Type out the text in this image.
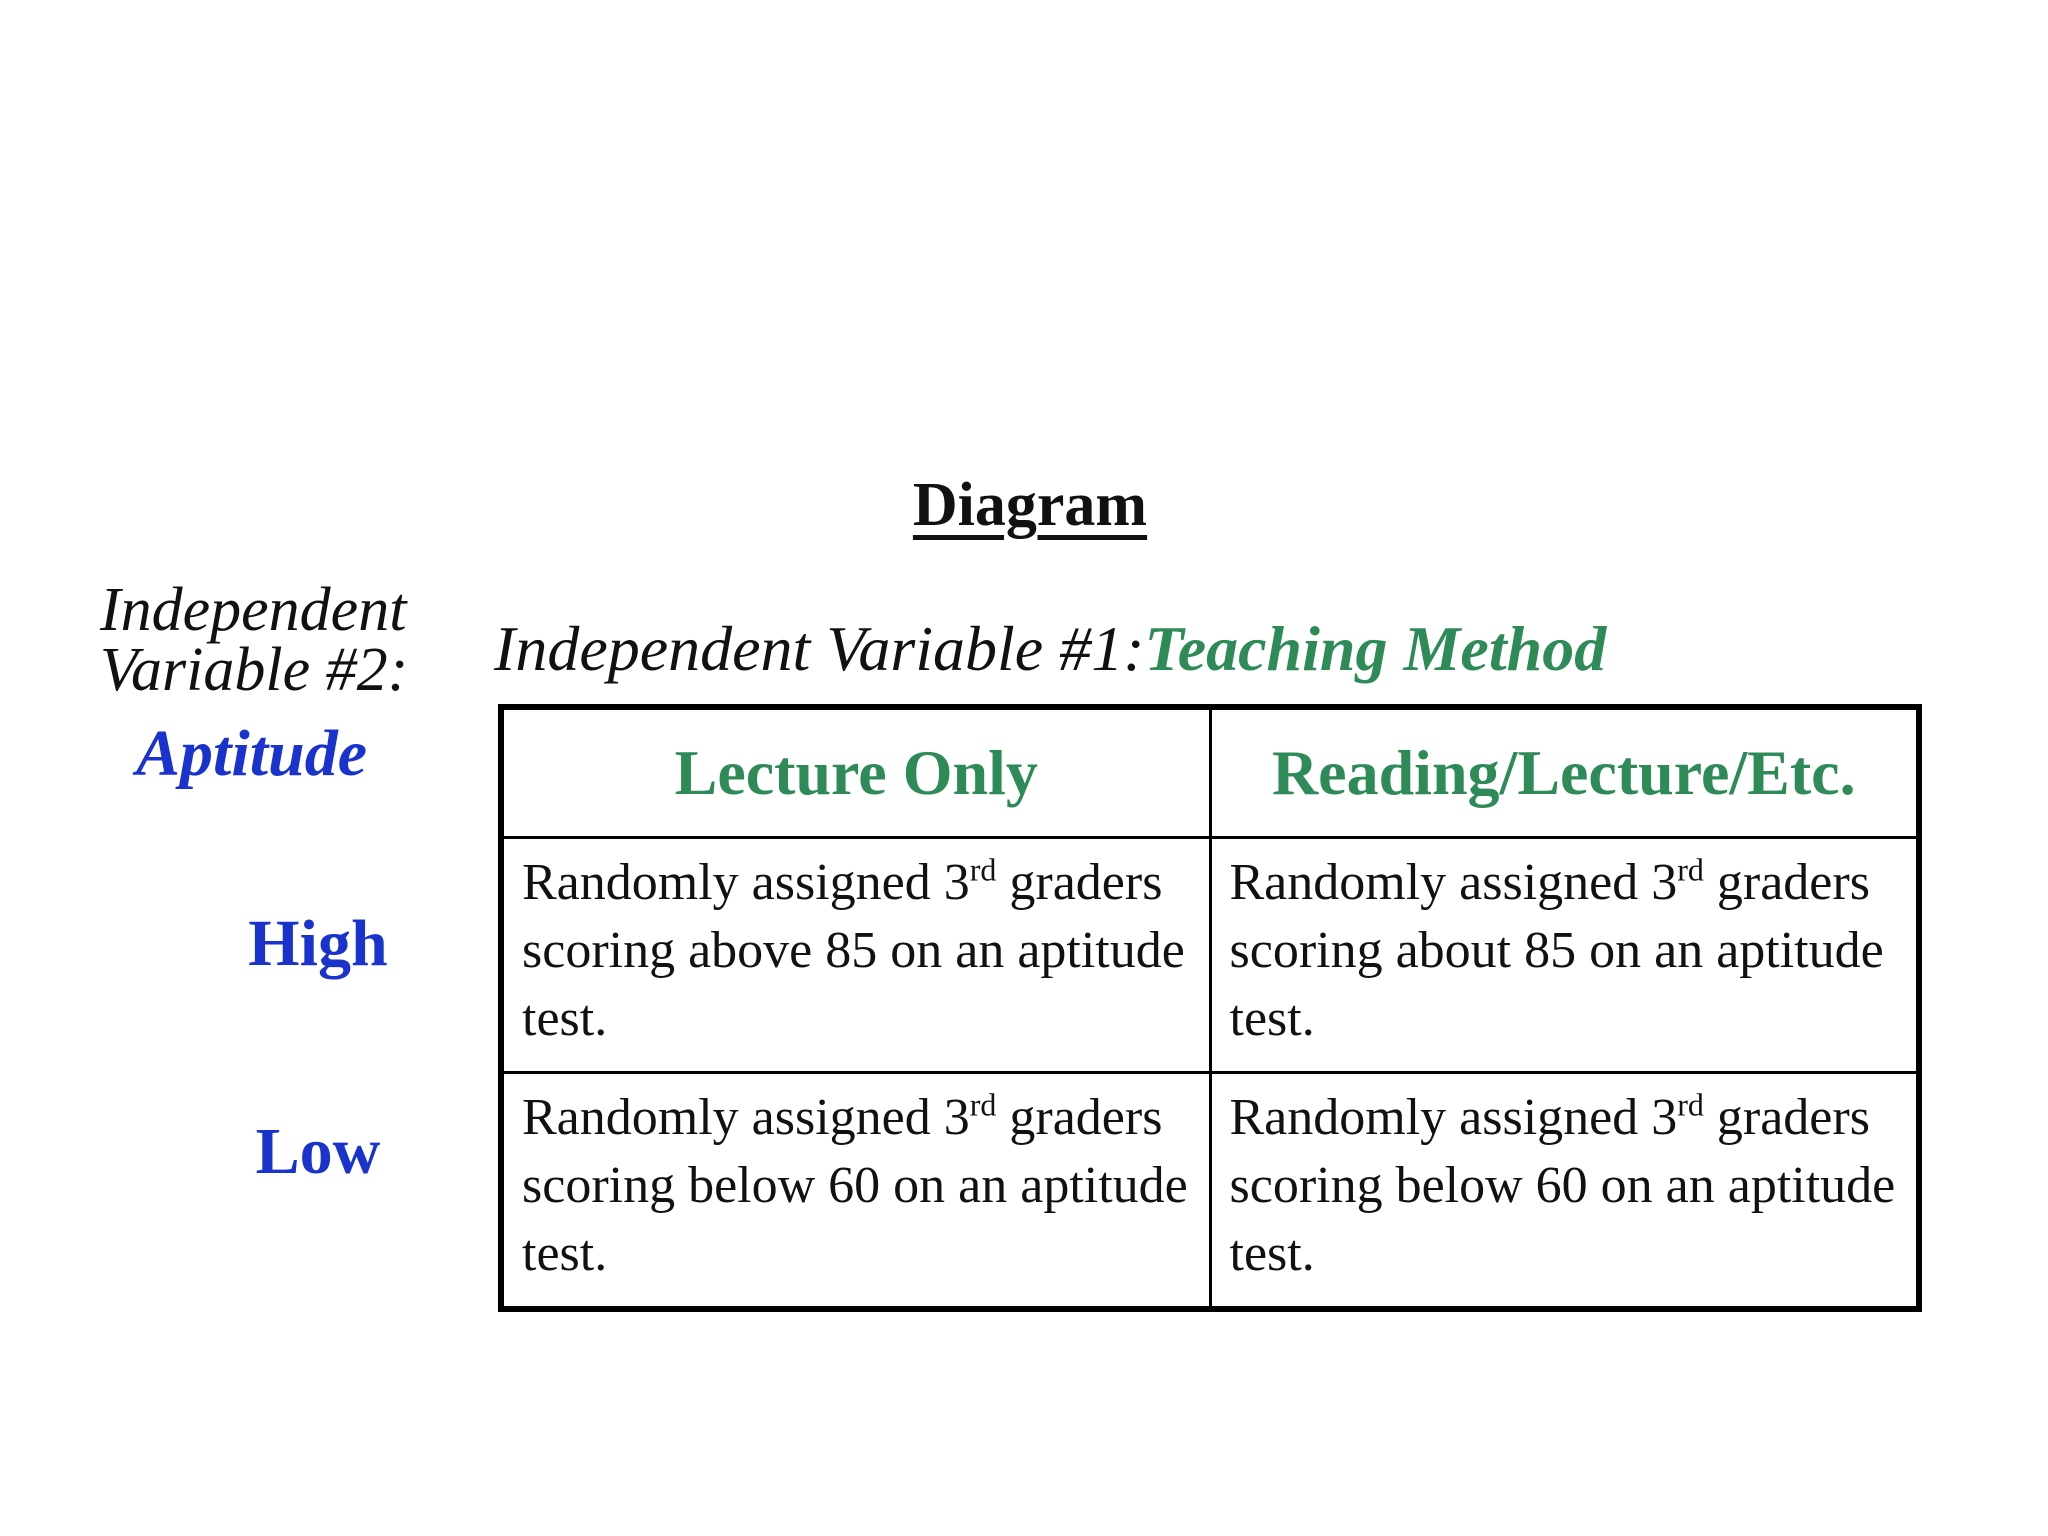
Diagram
Independent
Variable #2:
Aptitude
Independent Variable #1:Teaching Method
High
Low
Lecture Only	Reading/Lecture/Etc.
Randomly assigned 3rd graders scoring above 85 on an aptitude test.	Randomly assigned 3rd graders scoring about 85 on an aptitude test.
Randomly assigned 3rd graders scoring below 60 on an aptitude test.	Randomly assigned 3rd graders scoring below 60 on an aptitude test.
